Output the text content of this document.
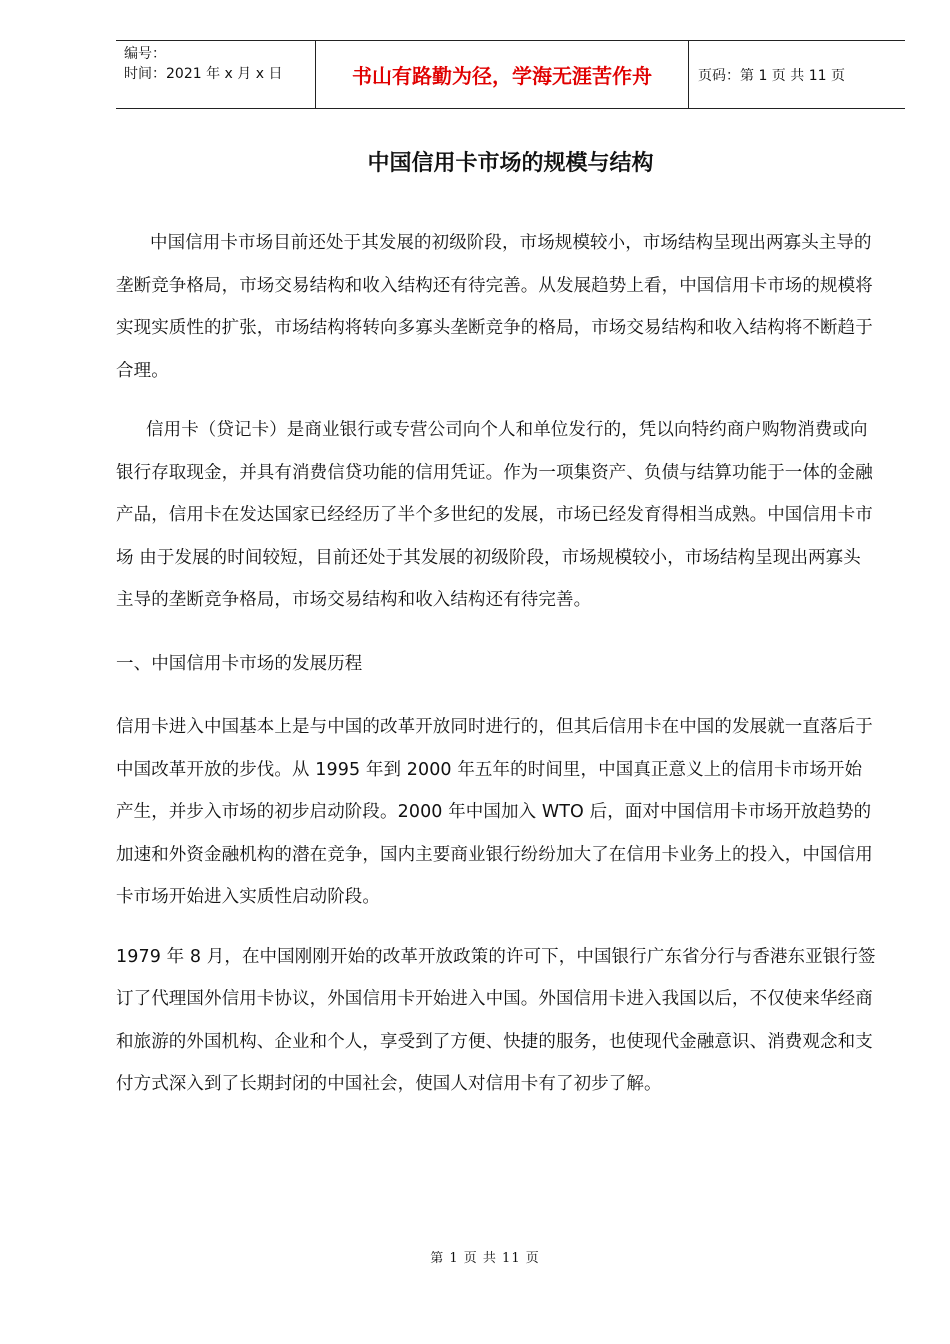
编号：
时间：2021 年 x 月 x 日	书山有路勤为径，学海无涯苦作舟	页码：第 1 页 共 11 页
中国信用卡市场的规模与结构

中国信用卡市场目前还处于其发展的初级阶段，市场规模较小，市场结构呈现出两寡头主导的垄断竞争格局，市场交易结构和收入结构还有待完善。从发展趋势上看，中国信用卡市场的规模将实现实质性的扩张，市场结构将转向多寡头垄断竞争的格局，市场交易结构和收入结构将不断趋于合理。

信用卡（贷记卡）是商业银行或专营公司向个人和单位发行的，凭以向特约商户购物消费或向银行存取现金，并具有消费信贷功能的信用凭证。作为一项集资产、负债与结算功能于一体的金融产品，信用卡在发达国家已经经历了半个多世纪的发展，市场已经发育得相当成熟。中国信用卡市场 由于发展的时间较短，目前还处于其发展的初级阶段，市场规模较小，市场结构呈现出两寡头主导的垄断竞争格局，市场交易结构和收入结构还有待完善。

一、中国信用卡市场的发展历程

信用卡进入中国基本上是与中国的改革开放同时进行的，但其后信用卡在中国的发展就一直落后于中国改革开放的步伐。从 1995 年到 2000 年五年的时间里，中国真正意义上的信用卡市场开始产生，并步入市场的初步启动阶段。2000 年中国加入 WTO 后，面对中国信用卡市场开放趋势的加速和外资金融机构的潜在竞争，国内主要商业银行纷纷加大了在信用卡业务上的投入，中国信用卡市场开始进入实质性启动阶段。

1979 年 8 月，在中国刚刚开始的改革开放政策的许可下，中国银行广东省分行与香港东亚银行签订了代理国外信用卡协议，外国信用卡开始进入中国。外国信用卡进入我国以后，不仅使来华经商和旅游的外国机构、企业和个人，享受到了方便、快捷的服务，也使现代金融意识、消费观念和支付方式深入到了长期封闭的中国社会，使国人对信用卡有了初步了解。

第 1 页 共 11 页
